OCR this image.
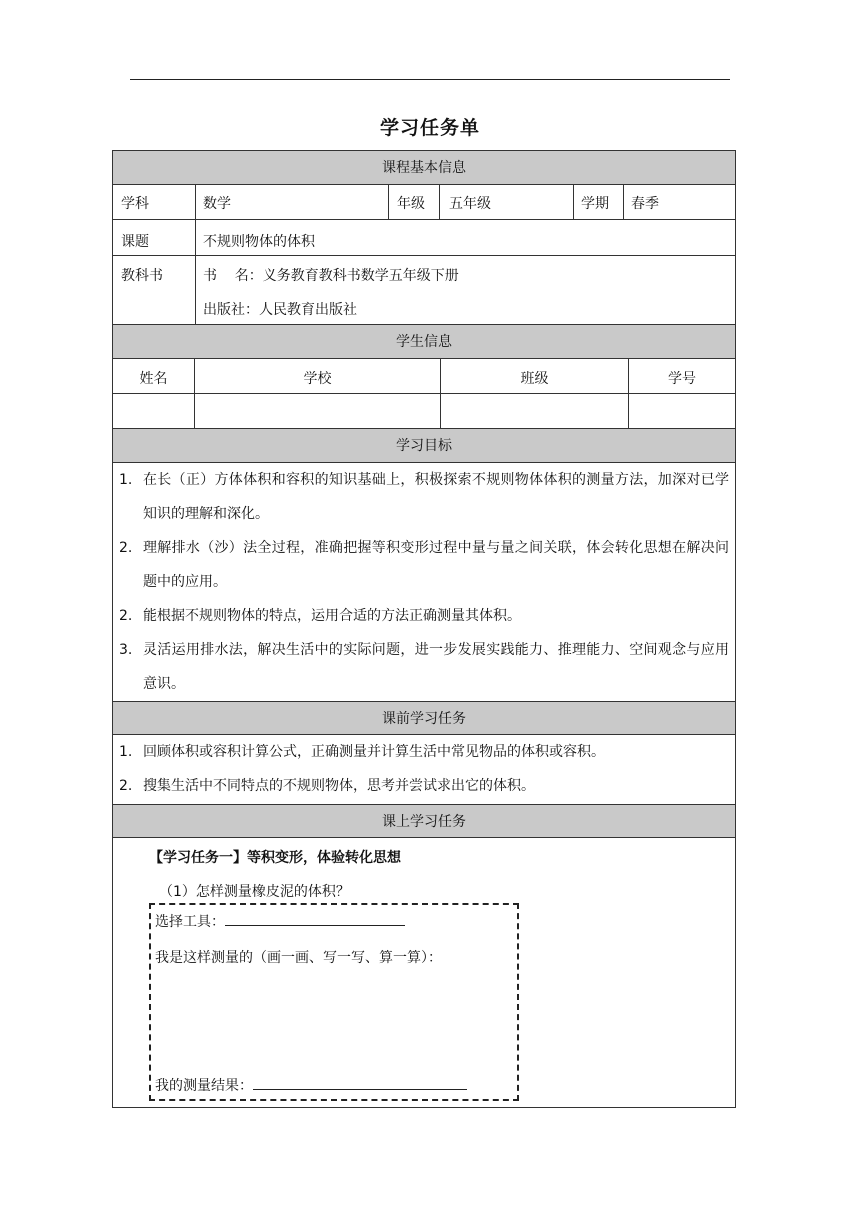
学习任务单
课程基本信息
学科	数学	年级 五年级	学期 春季
课题	不规则物体的体积
教科书	书    名：义务教育教科书数学五年级下册
出版社：人民教育出版社
学生信息
姓名	学校	班级	学号
学习目标
1. 在长（正）方体体积和容积的知识基础上，积极探索不规则物体体积的测量方法，加深对已学知识的理解和深化。
2. 理解排水（沙）法全过程，准确把握等积变形过程中量与量之间关联，体会转化思想在解决问题中的应用。
2. 能根据不规则物体的特点，运用合适的方法正确测量其体积。
3. 灵活运用排水法，解决生活中的实际问题，进一步发展实践能力、推理能力、空间观念与应用意识。
课前学习任务
1. 回顾体积或容积计算公式，正确测量并计算生活中常见物品的体积或容积。
2. 搜集生活中不同特点的不规则物体，思考并尝试求出它的体积。
课上学习任务
【学习任务一】等积变形，体验转化思想
（1）怎样测量橡皮泥的体积？
选择工具：
我是这样测量的（画一画、写一写、算一算）：
我的测量结果：
